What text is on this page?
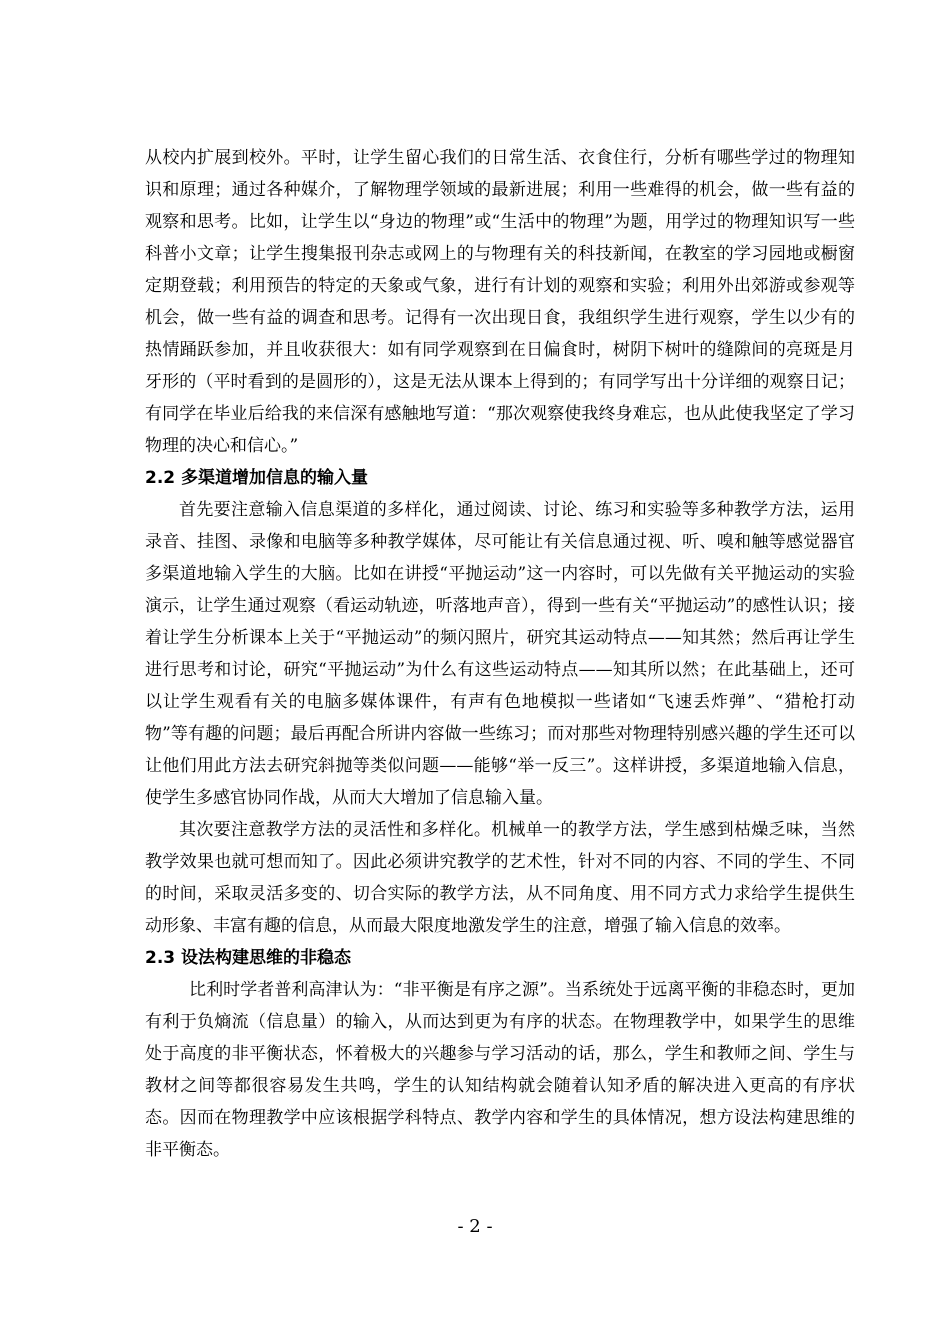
从校内扩展到校外。平时，让学生留心我们的日常生活、衣食住行，分析有哪些学过的物理知识和原理；通过各种媒介，了解物理学领域的最新进展；利用一些难得的机会，做一些有益的观察和思考。比如，让学生以“身边的物理”或“生活中的物理”为题，用学过的物理知识写一些科普小文章；让学生搜集报刊杂志或网上的与物理有关的科技新闻，在教室的学习园地或橱窗定期登载；利用预告的特定的天象或气象，进行有计划的观察和实验；利用外出郊游或参观等机会，做一些有益的调查和思考。记得有一次出现日食，我组织学生进行观察，学生以少有的热情踊跃参加，并且收获很大：如有同学观察到在日偏食时，树阴下树叶的缝隙间的亮斑是月牙形的（平时看到的是圆形的），这是无法从课本上得到的；有同学写出十分详细的观察日记；有同学在毕业后给我的来信深有感触地写道：“那次观察使我终身难忘，也从此使我坚定了学习物理的决心和信心。”

2.2 多渠道增加信息的输入量

首先要注意输入信息渠道的多样化，通过阅读、讨论、练习和实验等多种教学方法，运用录音、挂图、录像和电脑等多种教学媒体，尽可能让有关信息通过视、听、嗅和触等感觉器官多渠道地输入学生的大脑。比如在讲授“平抛运动”这一内容时，可以先做有关平抛运动的实验演示，让学生通过观察（看运动轨迹，听落地声音），得到一些有关“平抛运动”的感性认识；接着让学生分析课本上关于“平抛运动”的频闪照片，研究其运动特点——知其然；然后再让学生进行思考和讨论，研究“平抛运动”为什么有这些运动特点——知其所以然；在此基础上，还可以让学生观看有关的电脑多媒体课件，有声有色地模拟一些诸如“飞速丢炸弹”、“猎枪打动物”等有趣的问题；最后再配合所讲内容做一些练习；而对那些对物理特别感兴趣的学生还可以让他们用此方法去研究斜抛等类似问题——能够“举一反三”。这样讲授，多渠道地输入信息，使学生多感官协同作战，从而大大增加了信息输入量。

其次要注意教学方法的灵活性和多样化。机械单一的教学方法，学生感到枯燥乏味，当然教学效果也就可想而知了。因此必须讲究教学的艺术性，针对不同的内容、不同的学生、不同的时间，采取灵活多变的、切合实际的教学方法，从不同角度、用不同方式力求给学生提供生动形象、丰富有趣的信息，从而最大限度地激发学生的注意，增强了输入信息的效率。

2.3 设法构建思维的非稳态

比利时学者普利高津认为：“非平衡是有序之源”。当系统处于远离平衡的非稳态时，更加有利于负熵流（信息量）的输入，从而达到更为有序的状态。在物理教学中，如果学生的思维处于高度的非平衡状态，怀着极大的兴趣参与学习活动的话，那么，学生和教师之间、学生与教材之间等都很容易发生共鸣，学生的认知结构就会随着认知矛盾的解决进入更高的有序状态。因而在物理教学中应该根据学科特点、教学内容和学生的具体情况，想方设法构建思维的非平衡态。

- 2 -
